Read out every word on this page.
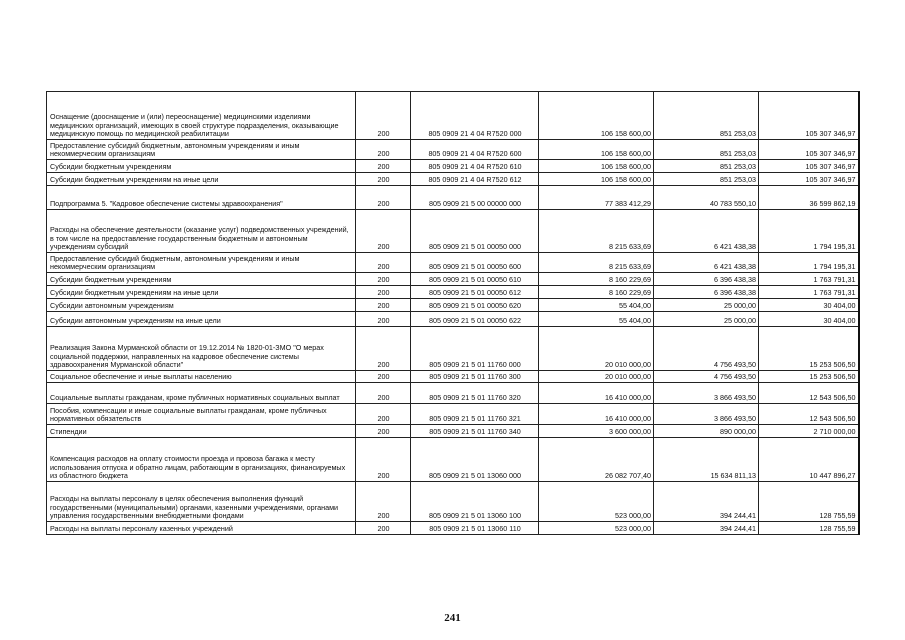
Оснащение (дооснащение и (или) переоснащение) медицинскими изделиями медицинских организаций, имеющих в своей структуре подразделения, оказывающие медицинскую помощь по медицинской реабилитации	200	805 0909 21 4 04 R7520 000	106 158 600,00	851 253,03	105 307 346,97
Предоставление субсидий бюджетным, автономным учреждениям и иным некоммерческим организациям	200	805 0909 21 4 04 R7520 600	106 158 600,00	851 253,03	105 307 346,97
Субсидии бюджетным учреждениям	200	805 0909 21 4 04 R7520 610	106 158 600,00	851 253,03	105 307 346,97
Субсидии бюджетным учреждениям на иные цели	200	805 0909 21 4 04 R7520 612	106 158 600,00	851 253,03	105 307 346,97
Подпрограмма 5. "Кадровое обеспечение системы здравоохранения"	200	805 0909 21 5 00 00000 000	77 383 412,29	40 783 550,10	36 599 862,19
Расходы на обеспечение деятельности (оказание услуг) подведомственных учреждений, в том числе на предоставление государственным бюджетным и автономным учреждениям субсидий	200	805 0909 21 5 01 00050 000	8 215 633,69	6 421 438,38	1 794 195,31
Предоставление субсидий бюджетным, автономным учреждениям и иным некоммерческим организациям	200	805 0909 21 5 01 00050 600	8 215 633,69	6 421 438,38	1 794 195,31
Субсидии бюджетным учреждениям	200	805 0909 21 5 01 00050 610	8 160 229,69	6 396 438,38	1 763 791,31
Субсидии бюджетным учреждениям на иные цели	200	805 0909 21 5 01 00050 612	8 160 229,69	6 396 438,38	1 763 791,31
Субсидии автономным учреждениям	200	805 0909 21 5 01 00050 620	55 404,00	25 000,00	30 404,00
Субсидии автономным учреждениям на иные цели	200	805 0909 21 5 01 00050 622	55 404,00	25 000,00	30 404,00
Реализация Закона Мурманской области от 19.12.2014 № 1820-01-ЗМО "О мерах социальной поддержки, направленных на кадровое обеспечение системы здравоохранения Мурманской области"	200	805 0909 21 5 01 11760 000	20 010 000,00	4 756 493,50	15 253 506,50
Социальное обеспечение и иные выплаты населению	200	805 0909 21 5 01 11760 300	20 010 000,00	4 756 493,50	15 253 506,50
Социальные выплаты гражданам, кроме публичных нормативных социальных выплат	200	805 0909 21 5 01 11760 320	16 410 000,00	3 866 493,50	12 543 506,50
Пособия, компенсации и иные социальные выплаты гражданам, кроме публичных нормативных обязательств	200	805 0909 21 5 01 11760 321	16 410 000,00	3 866 493,50	12 543 506,50
Стипендии	200	805 0909 21 5 01 11760 340	3 600 000,00	890 000,00	2 710 000,00
Компенсация расходов на оплату стоимости проезда и провоза багажа к месту использования отпуска и обратно лицам, работающим в организациях, финансируемых из областного бюджета	200	805 0909 21 5 01 13060 000	26 082 707,40	15 634 811,13	10 447 896,27
Расходы на выплаты персоналу в целях обеспечения выполнения функций государственными (муниципальными) органами, казенными учреждениями, органами управления государственными внебюджетными фондами	200	805 0909 21 5 01 13060 100	523 000,00	394 244,41	128 755,59
Расходы на выплаты персоналу казенных учреждений	200	805 0909 21 5 01 13060 110	523 000,00	394 244,41	128 755,59
241
